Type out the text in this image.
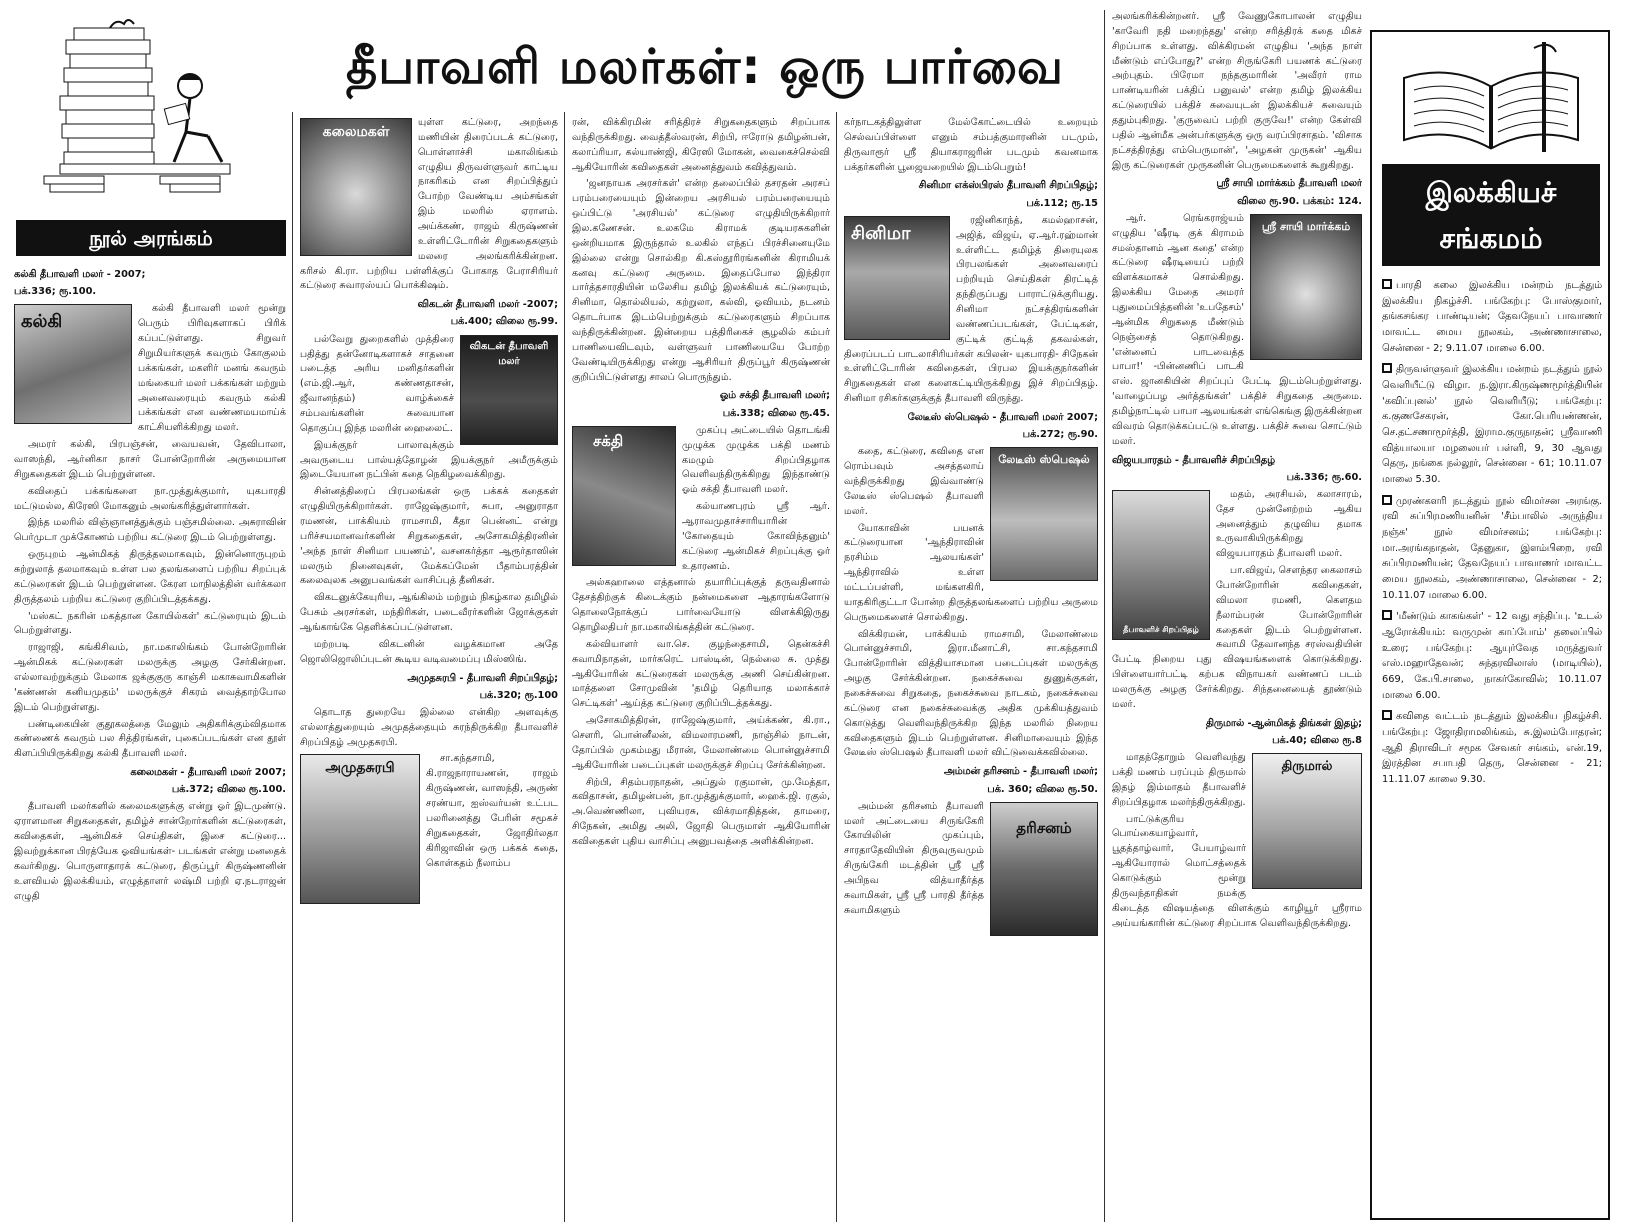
நூல் அரங்கம்
தீபாவளி மலர்கள்: ஒரு பார்வை
கல்கி தீபாவளி மலர் - 2007;
பக்.336; ரூ.100.
கல்கி

கல்கி தீபாவளி மலர் மூன்று பெரும் பிரிவுகளாகப் பிரிக் கப்பட்டுள்ளது. சிறுவர் சிறுமியர்களுக் கவரும் கோகுலம் பக்கங்கள், மகளிர் மனங் கவரும் மங்கையர் மலர் பக்கங்கள் மற்றும் அனைவரையும் கவரும் கல்கி பக்கங்கள் என வண்ணமயமாய்க் காட்சியளிக்கிறது மலர்.

அமரர் கல்கி, பிரபஞ்சன், வையவன், தேவிபாலா, வாஸந்தி, ஆர்னிகா நாசர் போன்றோரின் அருமையான சிறுகதைகள் இடம் பெற்றுள்ளன.

கவிதைப் பக்கங்களை நா.முத்துக்குமார், யுகபாரதி மட்டுமல்ல, கிரேஸி மோகனும் அலங்கரித்துள்ளார்கள்.

இந்த மலரில் விஞ்ஞானத்துக்கும் பஞ்சமில்லை. அசுராவின் பெர்முடா முக்கோணம் பற்றிய கட்டுரை இடம் பெற்றுள்ளது.

ஒருபுறம் ஆன்மிகத் திருத்தலமாகவும், இன்னொருபுறம் சுற்றுலாத் தலமாகவும் உள்ள பல தலங்களைப் பற்றிய சிறப்புக் கட்டுரைகள் இடம் பெற்றுள்ளன. கேரள மாநிலத்தின் வர்க்கலா திருத்தலம் பற்றிய கட்டுரை குறிப்பிடத்தக்கது.

'மஸ்கட் நகரின் மகத்தான கோயில்கள்' கட்டுரையும் இடம் பெற்றுள்ளது.

ராஜாஜி, கங்கிசிவம், நா.மகாலிங்கம் போன்றோரின் ஆன்மிகக் கட்டுரைகள் மலருக்கு அழகு சேர்கின்றன. எல்லாவற்றுக்கும் மேலாக ஜக்குகுரு காஞ்சி மகாசுவாமிகளின் 'கண்ணன் கனியமுதம்' மலருக்குச் சிகரம் வைத்தாற்போல இடம் பெற்றுள்ளது.

பண்டிகையின் குதூகலத்தை மேலும் அதிகரிக்கும்விதமாக கண்ணைக் கவரும் பல சித்திரங்கள், புகைப்படங்கள் என தூள் கிளப்பியிருக்கிறது கல்கி தீபாவளி மலர்.

கலைமகள் - தீபாவளி மலர் 2007;
பக்.372; விலை ரூ.100.

தீபாவளி மலர்களில் கலைமகளுக்கு என்று ஓர் இடமுண்டு. ஏராளமான சிறுகதைகள், தமிழ்ச் சான்றோர்களின் கட்டுரைகள், கவிதைகள், ஆன்மிகச் செய்திகள், இசை கட்டுரை... இவற்றுக்கான பிரத்யேக ஓவியங்கள்- படங்கள் என்று மனதைக் கவர்கிறது. பொருளாதாரக் கட்டுரை, திருப்பூர் கிருஷ்ணனின் உளவியல் இலக்கியம், எழுத்தாளர் லஷ்மி பற்றி ஏ.நடராஜன் எழுதி

கலைமகள்

யுள்ள கட்டுரை, அறந்தை மணியின் திரைப்படக் கட்டுரை, பொள்ளாச்சி மகாலிங்கம் எழுதிய திருவள்ளுவர் காட்டிய நாகரிகம் என சிறப்பித்துப் போற்ற வேண்டிய அம்சங்கள் இம் மலரில் ஏராளம். அய்க்கண், ராஜம் கிருஷ்ணன் உள்ளிட்டோரின் சிறுகதைகளும் மலரை அலங்கரிக்கின்றன. கரிசல் கி.ரா. பற்றிய பள்ளிக்குப் போகாத பேராசிரியர் கட்டுரை சுவாரஸ்யப் பொக்கிஷம்.

விகடன் தீபாவளி மலர் -2007;
பக்.400; விலை ரூ.99.
விகடன் தீபாவளி மலர்

பல்வேறு துறைகளில் முத்திரை பதித்து தன்னோடிகளாகச் சாதனை படைத்த அரிய மனிதர்களின் (எம்.ஜி.ஆர், கண்ணதாசன், ஜீவானந்தம்) வாழ்க்கைச் சம்பவங்களின் சுவையான தொகுப்பு இந்த மலரின் ஹைலைட்.

இயக்குநர் பாலாவுக்கும் அவருடைய பால்யத்தோழன் இயக்குநர் அமீருக்கும் இடையேயான நட்பின் கதை நெகிழவைக்கிறது.

சின்னத்திரைப் பிரபலங்கள் ஒரு பக்கக் கதைகள் எழுதியிருக்கிறார்கள். ராஜேஷ்குமார், சுபா, அனுராதா ரமணன், பாக்கியம் ராமசாமி, கீதா பென்னட் என்று பரிச்சயமானவர்களின் சிறுகதைகள், அசோகமித்திரனின் 'அந்த நாள் சினிமா பயணம்', வசனகர்த்தா ஆரூர்தாஸின் மலரும் நினைவுகள், மேக்கப்மேன் பீதாம்பரத்தின் கலைவுலக அனுபவங்கள் வாசிப்புத் தீனிகள்.

விகடனுக்கேயுரிய, ஆங்கிலம் மற்றும் நிகழ்கால தமிழில் பேசும் அரசர்கள், மந்திரிகள், படைவீரர்களின் ஜோக்குகள் ஆங்காங்கே தெளிக்கப்பட்டுள்ளன.

மற்றபடி விகடனின் வழக்கமான அதே ஜொலிஜொலிப்புடன் கூடிய வடிவமைப்பு மிஸ்ஸிங்.

அமுதசுரபி - தீபாவளி சிறப்பிதழ்;
பக்.320; ரூ.100

தொடாத துறையே இல்லை என்கிற அளவுக்கு எல்லாத்துறையும் அமுதத்தையும் சுரந்திருக்கிற தீபாவளிச் சிறப்பிதழ் அமுதசுரபி.

அமுதசுரபி

சா.கந்தசாமி, கி.ராஜநாராயணன், ராஜம் கிருஷ்ணன், வாஸந்தி, அருண் சரண்யா, ஐஸ்வர்யன் உட்பட பலரினைத்து பேரின் சமூகச் சிறுகதைகள், ஜோதிர்லதா கிரிஜாவின் ஒரு பக்கக் கதை, கொள்கதம் நீலாம்ப

ரன், விக்கிரமின் சரித்திரச் சிறுகதைகளும் சிறப்பாக வந்திருக்கிறது. வைத்தீஸ்வரன், சிற்பி, ஈரோடு தமிழன்பன், கலாப்ரியா, கல்யாண்ஜி, கிரேஸி மோகன், வைகைச்செல்வி ஆகியோரின் கவிதைகள் அனைத்துவம் கவித்துவம்.

'ஜனநாயக அரசர்கள்' என்ற தலைப்பில் தசரதன் அரசப் பரம்பரையையும் இன்றைய அரசியல் பரம்பரையையும் ஒப்பிட்டு 'அரசியல்' கட்டுரை எழுதியிருக்கிறார் இல.கணேசன். உலகமே கிராமக் குடியரசுகளின் ஒன்றியமாக இருந்தால் உலகில் எந்தப் பிரச்சினையுமே இல்லை என்று சொல்கிற கி.கஸ்தூரிரங்கனின் கிராமியக் கனவு கட்டுரை அருமை. இதைப்போல இந்திரா பார்த்தசாரதியின் மலேசிய தமிழ் இலக்கியக் கட்டுரையும், சினிமா, தொல்லியல், கற்றுலா, கல்வி, ஓவியம், நடனம் தொடர்பாக இடம்பெற்றுக்கும் கட்டுரைகளும் சிறப்பாக வந்திருக்கின்றன. இன்றைய பத்திரிகைச் சூழலில் கம்பர் பாணியைவிடவும், வள்ளுவர் பாணியையே போற்ற வேண்டியிருக்கிறது என்று ஆசிரியர் திருப்பூர் கிருஷ்ணன் குறிப்பிட்டுள்ளது சாலப் பொருந்தும்.

ஓம் சக்தி தீபாவளி மலர்;
பக்.338; விலை ரூ.45.
சக்தி

முகப்பு அட்டையில் தொடங்கி முழுக்க முழுக்க பக்தி மணம் கமழும் சிறப்பிதழாக வெளிவந்திருக்கிறது இந்தாண்டு ஓம் சக்தி தீபாவளி மலர்.

கல்யாணபுரம் ஸ்ரீ ஆர். ஆராவமுதாச்சாரியாரின் 'கோதையும் கோவிந்தனும்' கட்டுரை ஆன்மிகச் சிறப்புக்கு ஓர் உதாரணம்.

அல்கஹாலை எத்தனால் தயாரிப்புக்குத் தருவதினால் தேசத்திற்குக் கிடைக்கும் நன்மைகளை ஆதாரங்களோடு தொலைநோக்குப் பார்வையோடு விளக்கிஇருது தொழிலதிபர் நா.மகாலிங்கத்தின் கட்டுரை.

கல்வியாளர் வா.செ. குழந்தைசாமி, தென்கச்சி சுவாமிநாதன், மார்கரெட் பாஸ்டின், நெல்லை சு. முத்து ஆகியோரின் கட்டுரைகள் மலருக்கு அணி செய்கின்றன. மாத்தளை சோமுவின் 'தமிழ் தெரியாத மலாக்காச் செட்டிகள்' ஆய்த்த கட்டுரை குறிப்பிடத்தக்கது.

அசோகமித்திரன், ராஜேஷ்குமார், அய்க்கண், கி.ரா., சௌரி, பொன்னீலன், விமலாரமணி, நாஞ்சில் நாடன், தோப்பில் முகம்மது மீரான், மேலாண்மை பொன்னுச்சாமி ஆகியோரின் படைப்புகள் மலருக்குச் சிறப்பு சேர்க்கின்றன.

சிற்பி, சிதம்பரநாதன், அப்துல் ரகுமான், மு.மேத்தா, கவிதாசன், தமிழன்பன், நா.முத்துக்குமார், ஹைக்.ஜி. ரகுல், அ.வெண்ணிலா, புவியரசு, விக்ரமாதித்தன், தாமரை, சிநேகன், அமிது அலி, ஜோதி பெருமாள் ஆகியோரின் கவிதைகள் புதிய வாசிப்பு அனுபவத்தை அளிக்கின்றன.

கர்நாடகத்திலுள்ள மேல்கோட்டையில் உறையும் செல்வப்பிள்ளை எனும் சம்பத்குமாரனின் படமும், திருவாரூர் ஸ்ரீ தியாகராஜரின் படமும் கவனமாக பக்தர்களின் பூஜையறையில் இடம்பெறும்!

சினிமா எக்ஸ்பிரஸ் தீபாவளி சிறப்பிதழ்;
பக்.112; ரூ.15
சினிமா

ரஜினிகாந்த், கமல்ஹாசன், அஜித், விஜய், ஏ.ஆர்.ரஹ்மான் உள்ளிட்ட தமிழ்த் திரையுலக பிரபலங்கள் அனைவரைப் பற்றியும் செய்திகள் திரட்டித் தந்திருப்பது பாராட்டுக்குரியது. சினிமா நட்சத்திரங்களின் வண்ணப்படங்கள், பேட்டிகள், குட்டிக் குட்டித் தகவல்கள், திரைப்படப் பாடலாசிரியர்கள் கபிலன்- யுகபாரதி- சிநேகன் உள்ளிட்டோரின் கவிதைகள், பிரபல இயக்குநர்களின் சிறுகதைகள் என களைகட்டியிருக்கிறது இச் சிறப்பிதழ். சினிமா ரசிகர்களுக்குத் தீபாவளி விருந்து.

லேடீஸ் ஸ்பெஷல் - தீபாவளி மலர் 2007;
பக்.272; ரூ.90.
லேடீஸ் ஸ்பெஷல்

கதை, கட்டுரை, கவிதை என ரொம்பவும் அசத்தலாய் வந்திருக்கிறது இவ்வாண்டு லேடீஸ் ஸ்பெஷல் தீபாவளி மலர்.

யோகாவின் பயனக் கட்டுரையான 'ஆந்திராவின் நரசிம்ம ஆலயங்கள்' ஆந்திராவில் உள்ள மட்டப்பள்ளி, மங்களகிரி, யாதகிரிகுட்டா போன்ற திருத்தலங்களைப் பற்றிய அருமை பெருமைகளைச் சொல்கிறது.

விக்கிரமன், பாக்கியம் ராமசாமி, மேலாண்மை பொன்னுச்சாமி, இரா.மீனாட்சி, சா.கந்தசாமி போன்றோரின் வித்தியாசமான படைப்புகள் மலருக்கு அழகு சேர்க்கின்றன. நகைச்சுவை துணுக்குகள், நகைச்சுவை சிறுகதை, நகைச்சுவை நாடகம், நகைச்சுவை கட்டுரை என நகைச்சுவைக்கு அதிக முக்கியத்துவம் கொடுத்து வெளிவந்திருக்கிற இந்த மலரில் நிறைய கவிதைகளும் இடம் பெற்றுள்ளன. சினிமாவையும் இந்த லேடீஸ் ஸ்பெஷல் தீபாவளி மலர் விட்டுவைக்கவில்லை.

அம்மன் தரிசனம் - தீபாவளி மலர்;
பக். 360; விலை ரூ.50.
தரிசனம்

அம்மன் தரிசனம் தீபாவளி மலர் அட்டையை சிருங்கேரி கோயிலின் முகப்பும், சாரதாதேவியின் திருவுருவமும் சிருங்கேரி மடத்தின் ஸ்ரீ ஸ்ரீ அபிநவ வித்யாதீர்த்த சுவாமிகள், ஸ்ரீ ஸ்ரீ பாரதி தீர்த்த சுவாமிகளும்

அலங்கரிக்கின்றனர். ஸ்ரீ வேணுகோபாலன் எழுதிய 'காவேரி நதி மறைந்தது' என்ற சரித்திரக் கதை மிகச் சிறப்பாக உள்ளது. விக்கிரமன் எழுதிய 'அந்த நாள் மீண்டும் எப்போது?' என்ற சிருங்கேரி பயணக் கட்டுரை அற்புதம். பிரேமா நந்தகுமாரின் 'அவீரர் ராம பாண்டியரின் பக்திப் பனுவல்' என்ற தமிழ் இலக்கிய கட்டுரையில் பக்திச் சுவையுடன் இலக்கியச் சுவையும் ததும்புகிறது. 'குருவைப் பற்றி குருவே!' என்ற கேள்வி பதில் ஆன்மீக அன்பர்களுக்கு ஒரு வரப்பிரசாதம். 'விசாக நட்சத்திரத்து எம்பெருமான்', 'அழகன் முருகன்' ஆகிய இரு கட்டுரைகள் முருகனின் பெருமைகளைக் கூறுகிறது.

ஸ்ரீ சாயி மார்க்கம் தீபாவளி மலர்
விலை ரூ.90. பக்கம்: 124.
ஸ்ரீ சாயி மார்க்கம்

ஆர். ரெங்கராஜ்யம் எழுதிய 'ஷீரடி குக் கிராமம் சமஸ்தானம் ஆன கதை' என்ற கட்டுரை ஷீரடியைப் பற்றி விளக்கமாகச் சொல்கிறது. இலக்கிய மேதை அமரர் புதுமைப்பித்தனின் 'உபதேசம்' ஆன்மிக சிறுகதை மீண்டும் நெஞ்சைத் தொடுகிறது. 'என்னைப் பாடவைத்த பாபா!' -பின்னணிப் பாடகி எஸ். ஜானகியின் சிறப்புப் பேட்டி இடம்பெற்றுள்ளது. 'வாழைப்பழ அர்த்தங்கள்' பக்திச் சிறுகதை அருமை. தமிழ்நாட்டில் பாபா ஆலயங்கள் எங்கெங்கு இருக்கின்றன விவரம் தொடுக்கப்பட்டு உள்ளது. பக்திச் சுவை சொட்டும் மலர்.

விஜயபாரதம் - தீபாவளிச் சிறப்பிதழ்
பக்.336; ரூ.60.
தீபாவளிச் சிறப்பிதழ்

மதம், அரசியல், கலாசாரம், தேச முன்னேற்றம் ஆகிய அனைத்தும் தழுவிய தமாக உருவாகியிருக்கிறது விஜயபாரதம் தீபாவளி மலர்.

பா.விஜய், சௌந்தர கைலாசம் போன்றோரின் கவிதைகள், விமலா ரமணி, கௌதம நீலாம்பரன் போன்றோரின் கதைகள் இடம் பெற்றுள்ளன. சுவாமி தேவானந்த சரஸ்வதியின் பேட்டி நிறைய புது விஷயங்களைக் கொடுக்கிறது. பிள்ளையார்பட்டி கற்பக விநாயகர் வண்ணப் படம் மலருக்கு அழகு சேர்க்கிறது. சிந்தனையைத் தூண்டும் மலர்.

திருமால் -ஆன்மிகத் திங்கள் இதழ்;
பக்.40; விலை ரூ.8
திருமால்

மாதந்தோறும் வெளிவந்து பக்தி மணம் பரப்பும் திருமால் இதழ் இம்மாதம் தீபாவளிச் சிறப்பிதழாக மலர்ந்திருக்கிறது.

பாட்டுக்குரிய பொய்கையாழ்வார், பூதத்தாழ்வார், பேயாழ்வார் ஆகியோரால் மொட்சத்தைக் கொடுக்கும் மூன்று திருவந்தாதிகள் நமக்கு கிடைத்த விஷயத்தை விளக்கும் காழியூர் ஸ்ரீராம அய்யங்காரின் கட்டுரை சிறப்பாக வெளிவந்திருக்கிறது.

இலக்கியச்
சங்கமம்
பாரதி கலை இலக்கிய மன்றம் நடத்தும் இலக்கிய நிகழ்ச்சி. பங்கேற்பு: போஸ்குமார், தங்கசங்கர பாண்டியன்; தேவநேயப் பாவாணர் மாவட்ட மைய நூலகம், அண்ணாசாலை, சென்னை - 2; 9.11.07 மாலை 6.00.
திருவள்ளுவர் இலக்கிய மன்றம் நடத்தும் நூல் வெளியீட்டு விழா. ந.இரா.கிருஷ்ணமூர்த்தியின் 'கவிப்புனல்' நூல் வெளியீடு; பங்கேற்பு: க.குணசேகரன், கோ.பெரியண்ணன், செ.தட்சணாமூர்த்தி, இராம.குருநாதன்; ஸ்ரீவாணி வித்யாலயா மழலையர் பள்ளி, 9, 30 ஆவது தெரு, நங்கை நல்லூர், சென்னை - 61; 10.11.07 மாலை 5.30.
முரண்களரி நடத்தும் நூல் விமர்சன அரங்கு. ரவி சுப்பிரமணியனின் 'சீம்பாலில் அருந்திய நஞ்சு' நூல் விமர்சனம்; பங்கேற்பு: மா.அரங்கநாதன், தேனுகா, இளம்பிறை, ரவி சுப்பிரமணியன்; தேவநேயப் பாவாணர் மாவட்ட மைய நூலகம், அண்ணாசாலை, சென்னை - 2; 10.11.07 மாலை 6.00.
'மீண்டும் காகங்கள்' - 12 வது சந்திப்பு. 'உடல் ஆரோக்கியம்: வருமுன் காப்போம்' தலைப்பில் உரை; பங்கேற்பு: ஆயுர்வேத மருத்துவர் எஸ்.மஹாதேவன்; சுந்தரவிலாஸ் (மாடியில்), 669, கே.பி.சாலை, நாகர்கோவில்; 10.11.07 மாலை 6.00.
கவிதை வட்டம் நடத்தும் இலக்கிய நிகழ்ச்சி. பங்கேற்பு: ஜோதிராமலிங்கம், சு.இலம்போதரன்; ஆதி திராவிடர் சமூக சேவகர் சங்கம், என்.19, இரத்தின சபாபதி தெரு, சென்னை - 21; 11.11.07 காலை 9.30.
